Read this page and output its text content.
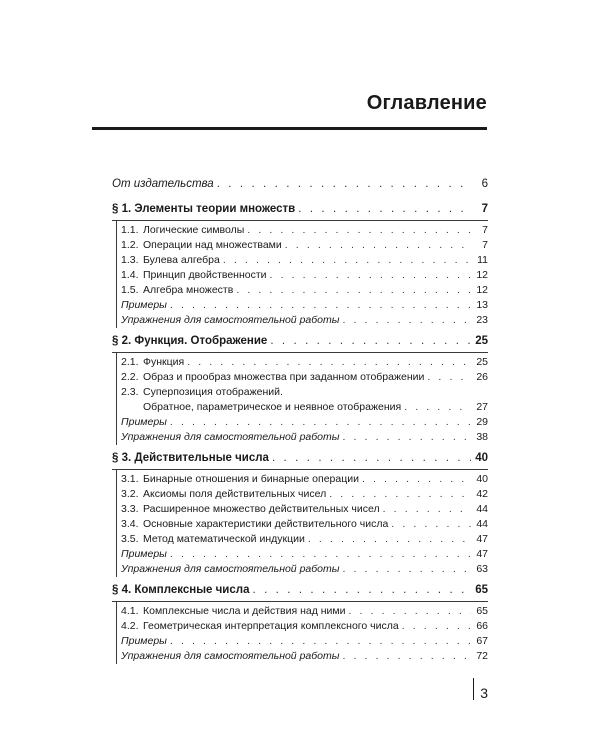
Оглавление
От издательства . . .	6
§ 1. Элементы теории множеств . . .	7
1.1. Логические символы . . .	7
1.2. Операции над множествами . . .	7
1.3. Булева алгебра . . .	11
1.4. Принцип двойственности . . .	12
1.5. Алгебра множеств . . .	12
Примеры . . .	13
Упражнения для самостоятельной работы . . .	23
§ 2. Функция. Отображение . . .	25
2.1. Функция . . .	25
2.2. Образ и прообраз множества при заданном отображении . . .	26
2.3. Суперпозиция отображений.
Обратное, параметрическое и неявное отображения . . .	27
Примеры . . .	29
Упражнения для самостоятельной работы . . .	38
§ 3. Действительные числа . . .	40
3.1. Бинарные отношения и бинарные операции . . .	40
3.2. Аксиомы поля действительных чисел . . .	42
3.3. Расширенное множество действительных чисел . . .	44
3.4. Основные характеристики действительного числа . . .	44
3.5. Метод математической индукции . . .	47
Примеры . . .	47
Упражнения для самостоятельной работы . . .	63
§ 4. Комплексные числа . . .	65
4.1. Комплексные числа и действия над ними . . .	65
4.2. Геометрическая интерпретация комплексного числа . . .	66
Примеры . . .	67
Упражнения для самостоятельной работы . . .	72
3
